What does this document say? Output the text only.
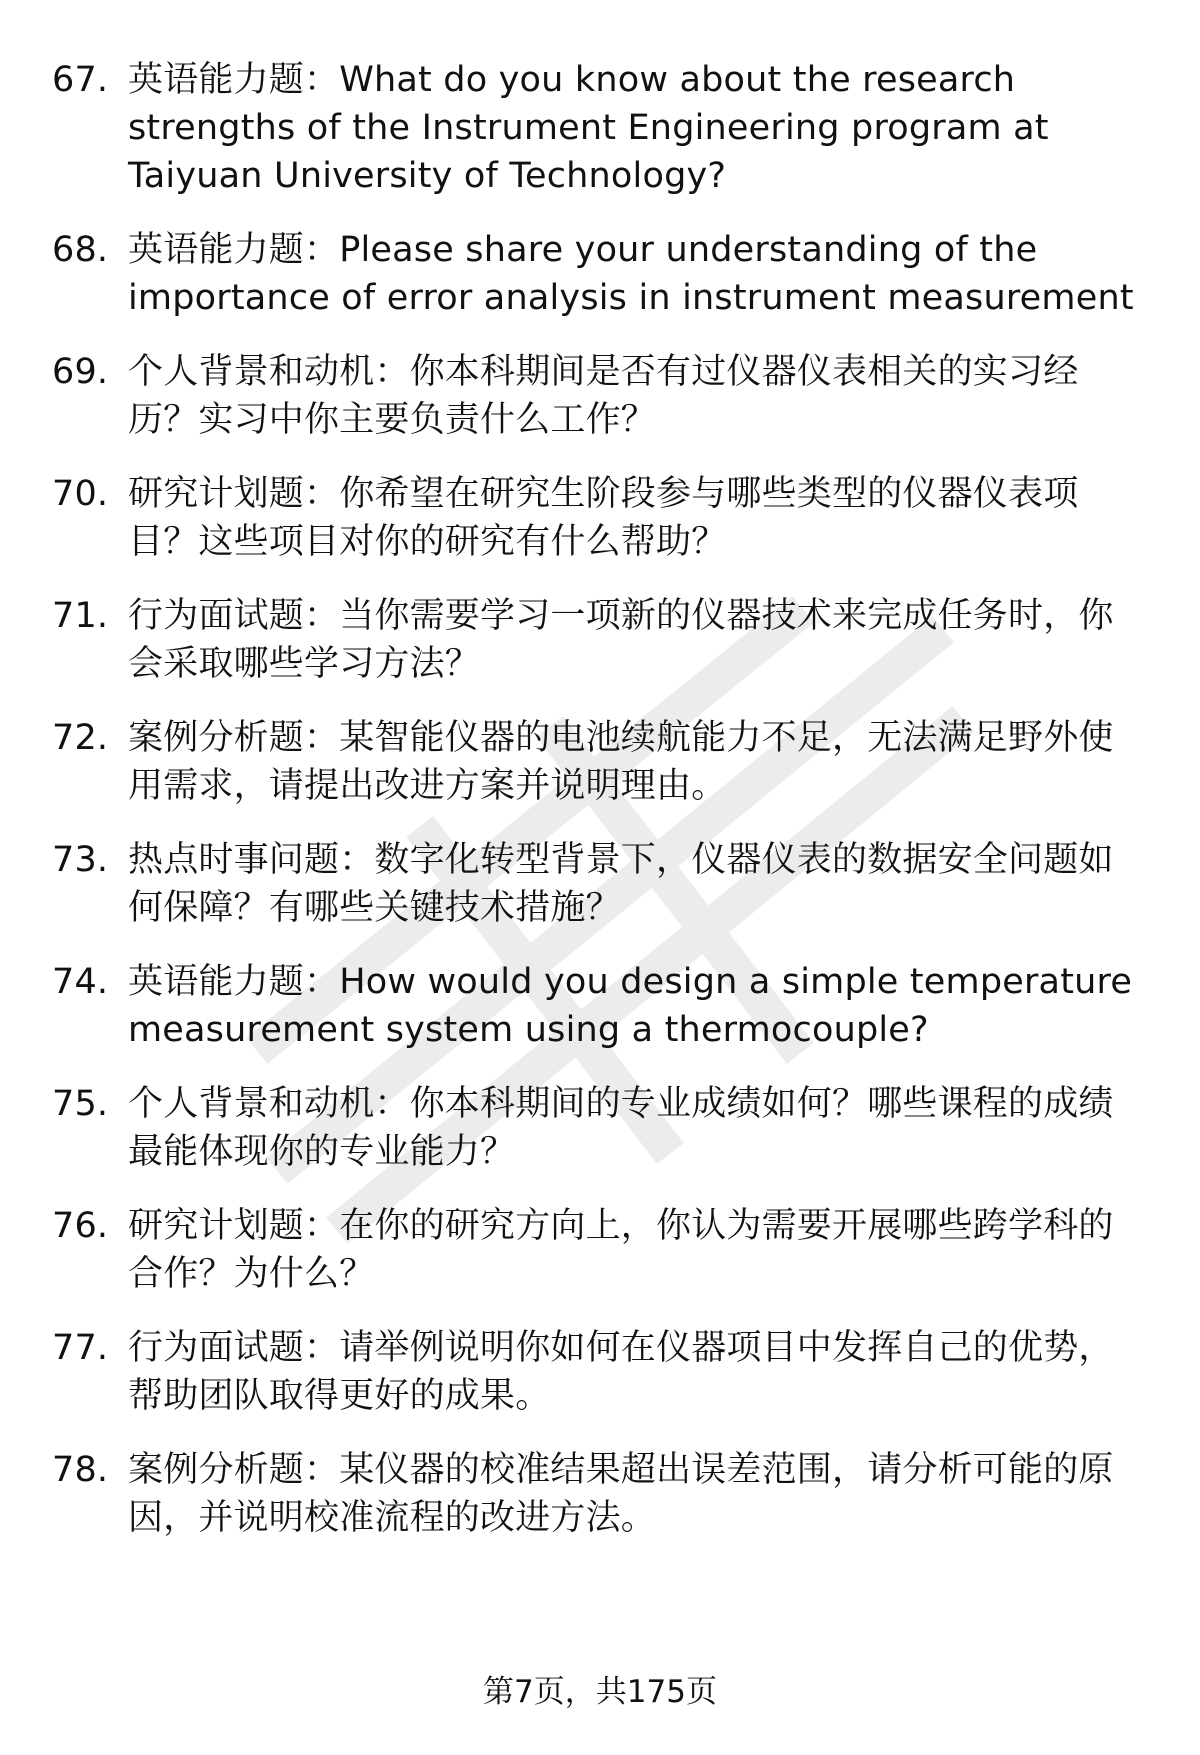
67. 英语能力题：What do you know about the research strengths of the Instrument Engineering program at Taiyuan University of Technology?
68. 英语能力题：Please share your understanding of the importance of error analysis in instrument measurement
69. 个人背景和动机：你本科期间是否有过仪器仪表相关的实习经历？实习中你主要负责什么工作？
70. 研究计划题：你希望在研究生阶段参与哪些类型的仪器仪表项目？这些项目对你的研究有什么帮助？
71. 行为面试题：当你需要学习一项新的仪器技术来完成任务时，你会采取哪些学习方法？
72. 案例分析题：某智能仪器的电池续航能力不足，无法满足野外使用需求，请提出改进方案并说明理由。
73. 热点时事问题：数字化转型背景下，仪器仪表的数据安全问题如何保障？有哪些关键技术措施？
74. 英语能力题：How would you design a simple temperature measurement system using a thermocouple?
75. 个人背景和动机：你本科期间的专业成绩如何？哪些课程的成绩最能体现你的专业能力？
76. 研究计划题：在你的研究方向上，你认为需要开展哪些跨学科的合作？为什么？
77. 行为面试题：请举例说明你如何在仪器项目中发挥自己的优势，帮助团队取得更好的成果。
78. 案例分析题：某仪器的校准结果超出误差范围，请分析可能的原因，并说明校准流程的改进方法。
第7页，共175页
